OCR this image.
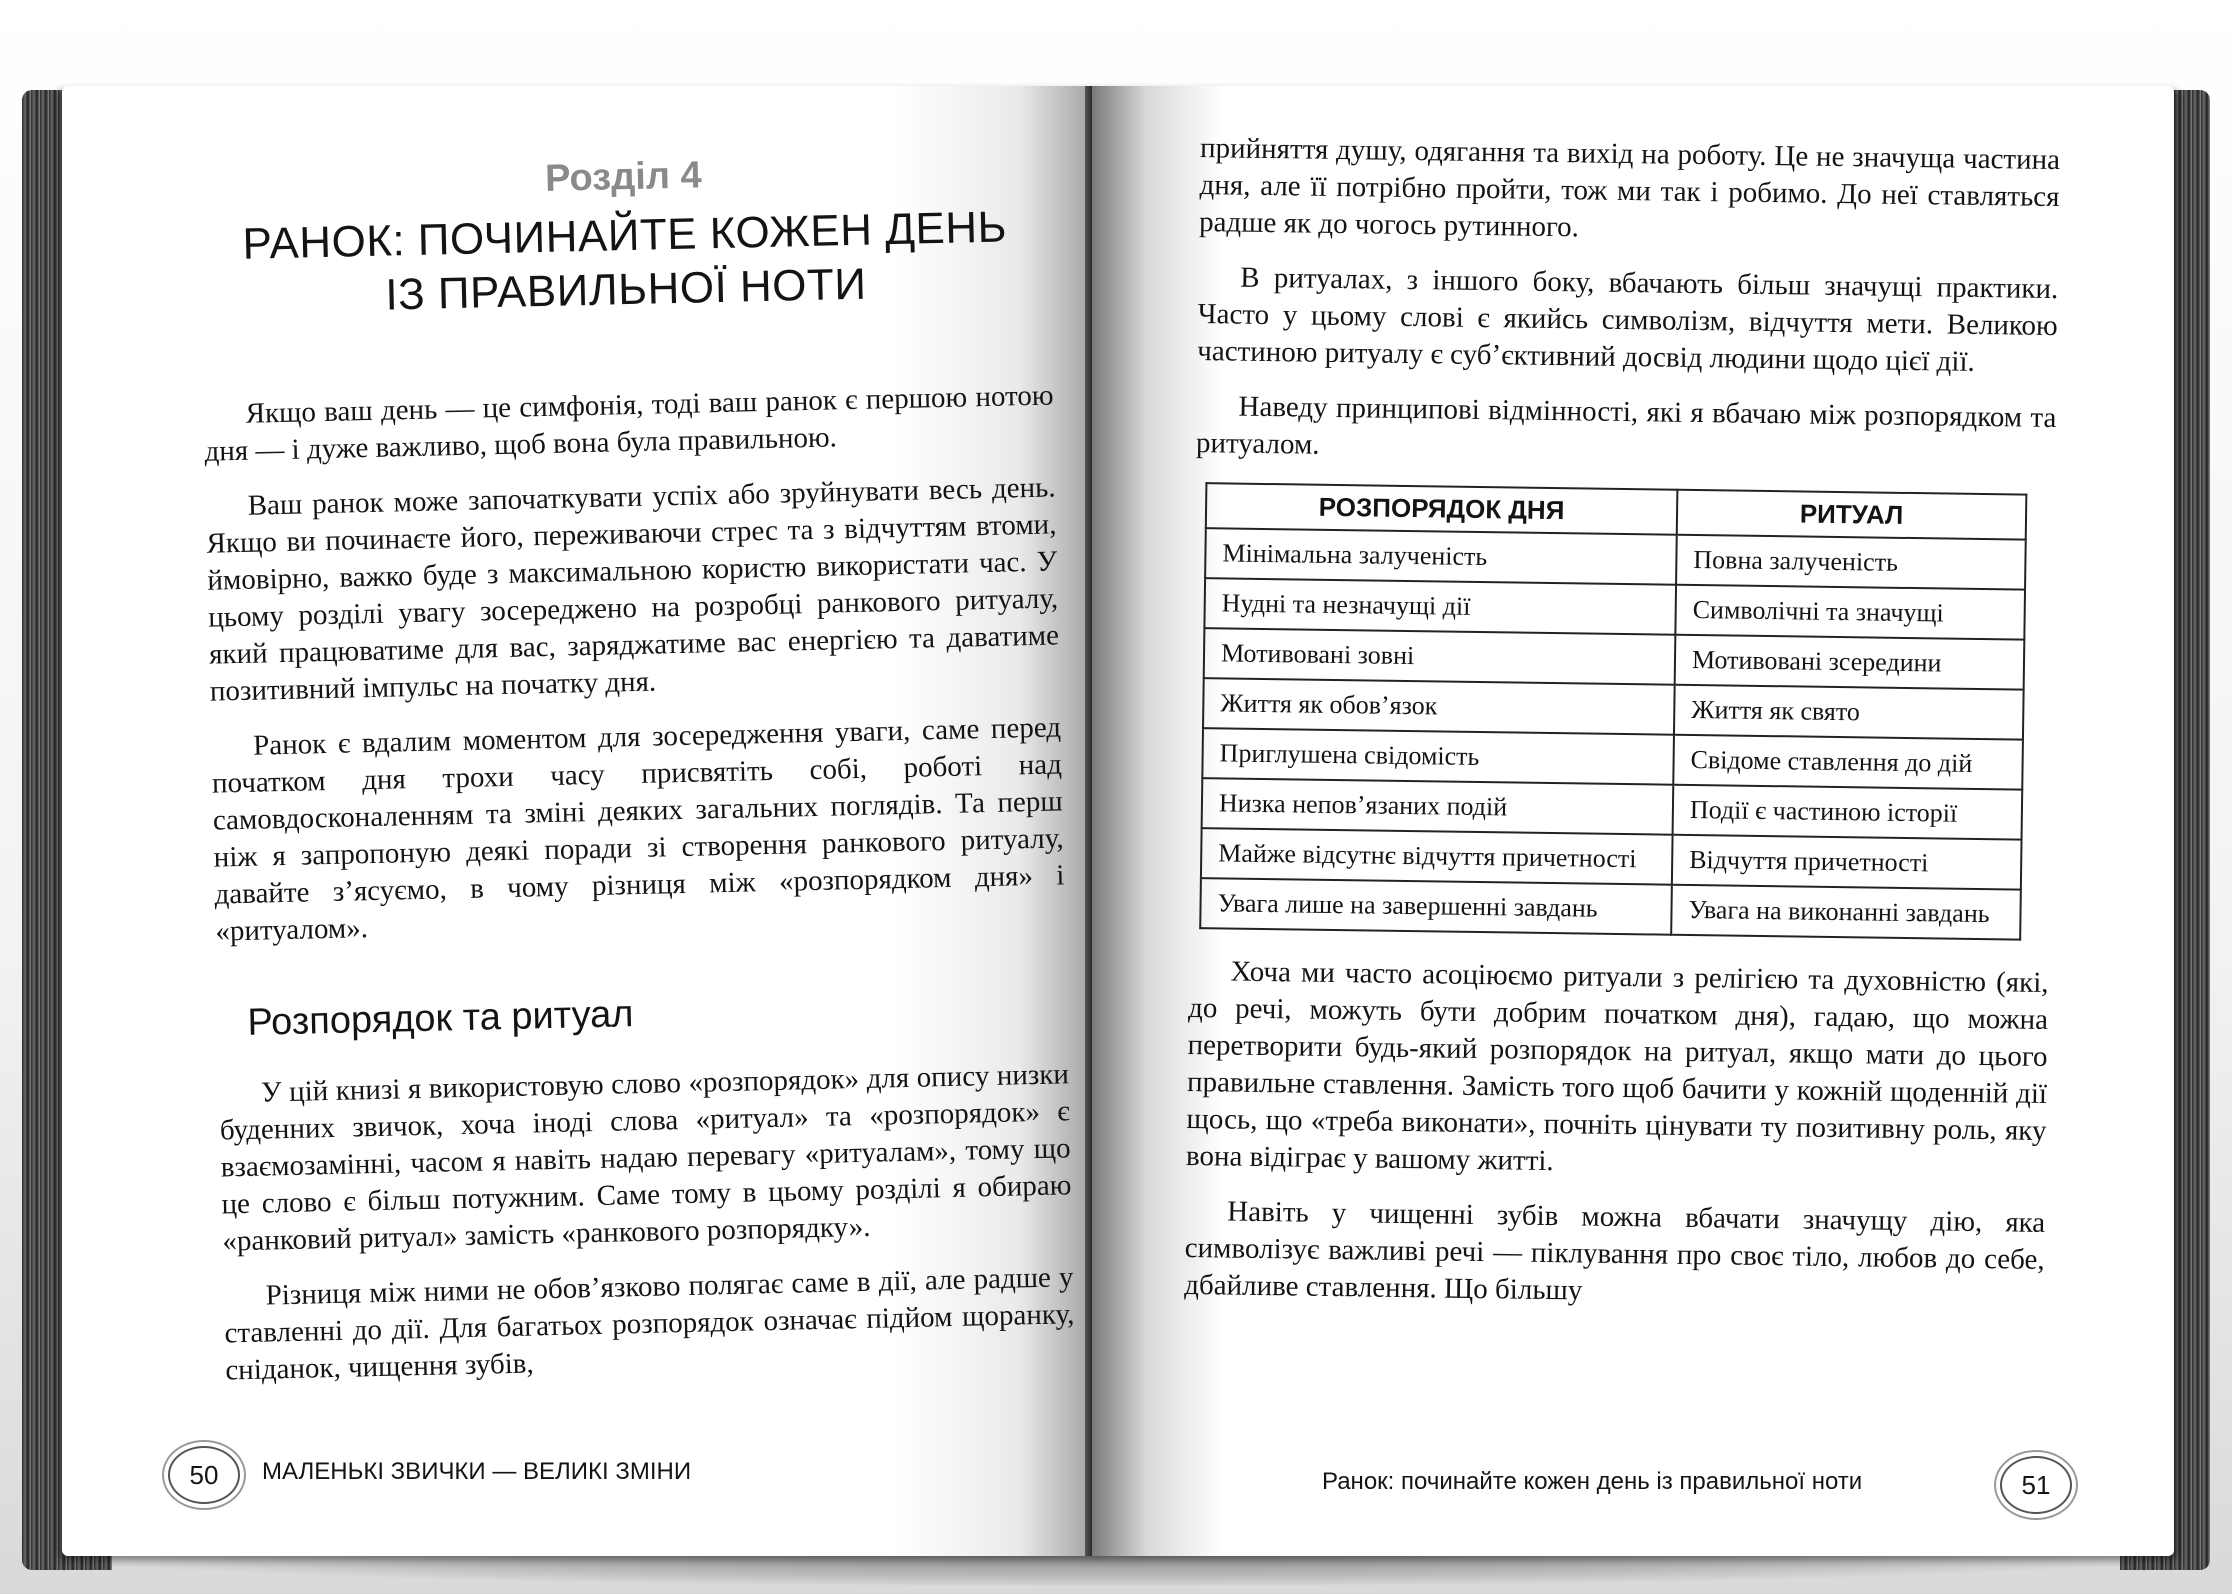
Розділ 4
РАНОК: ПОЧИНАЙТЕ КОЖЕН ДЕНЬ
ІЗ ПРАВИЛЬНОЇ НОТИ

Якщо ваш день — це симфонія, тоді ваш ранок є першою нотою дня — і дуже важливо, щоб вона була правильною.

Ваш ранок може започаткувати успіх або зруйнувати весь день. Якщо ви починаєте його, переживаючи стрес та з відчуттям втоми, ймовірно, важко буде з максимальною користю використати час. У цьому розділі увагу зосереджено на розробці ранкового ритуалу, який працюватиме для вас, заряджатиме вас енергією та даватиме позитивний імпульс на початку дня.

Ранок є вдалим моментом для зосередження уваги, саме перед початком дня трохи часу присвятіть собі, роботі над самовдосконаленням та зміні деяких загальних поглядів. Та перш ніж я запропоную деякі поради зі створення ранкового ритуалу, давайте з’ясуємо, в чому різниця між «розпорядком дня» і «ритуалом».

Розпорядок та ритуал

У цій книзі я використовую слово «розпорядок» для опису низки буденних звичок, хоча іноді слова «ритуал» та «розпорядок» є взаємозамінні, часом я навіть надаю перевагу «ритуалам», тому що це слово є більш потужним. Саме тому в цьому розділі я обираю «ранковий ритуал» замість «ранкового розпорядку».

Різниця між ними не обов’язково полягає саме в дії, але радше у ставленні до дії. Для багатьох розпорядок означає підйом щоранку, сніданок, чищення зубів,

50	МАЛЕНЬКІ ЗВИЧКИ — ВЕЛИКІ ЗМІНИ

прийняття душу, одягання та вихід на роботу. Це не значуща частина дня, але її потрібно пройти, тож ми так і робимо. До неї ставляться радше як до чогось рутинного.

В ритуалах, з іншого боку, вбачають більш значущі практики. Часто у цьому слові є якийсь символізм, відчуття мети. Великою частиною ритуалу є суб’єктивний досвід людини щодо цієї дії.

Наведу принципові відмінності, які я вбачаю між розпорядком та ритуалом.

РОЗПОРЯДОК ДНЯ	РИТУАЛ
Мінімальна залученість	Повна залученість
Нудні та незначущі дії	Символічні та значущі
Мотивовані зовні	Мотивовані зсередини
Життя як обов’язок	Життя як свято
Приглушена свідомість	Свідоме ставлення до дій
Низка непов’язаних подій	Події є частиною історії
Майже відсутнє відчуття причетності	Відчуття причетності
Увага лише на завершенні завдань	Увага на виконанні завдань

Хоча ми часто асоціюємо ритуали з релігією та духовністю (які, до речі, можуть бути добрим початком дня), гадаю, що можна перетворити будь-який розпорядок на ритуал, якщо мати до цього правильне ставлення. Замість того щоб бачити у кожній щоденній дії щось, що «треба виконати», почніть цінувати ту позитивну роль, яку вона відіграє у вашому житті.

Навіть у чищенні зубів можна вбачати значущу дію, яка символізує важливі речі — піклування про своє тіло, любов до себе, дбайливе ставлення. Що більшу

Ранок: починайте кожен день із правильної ноти	51
